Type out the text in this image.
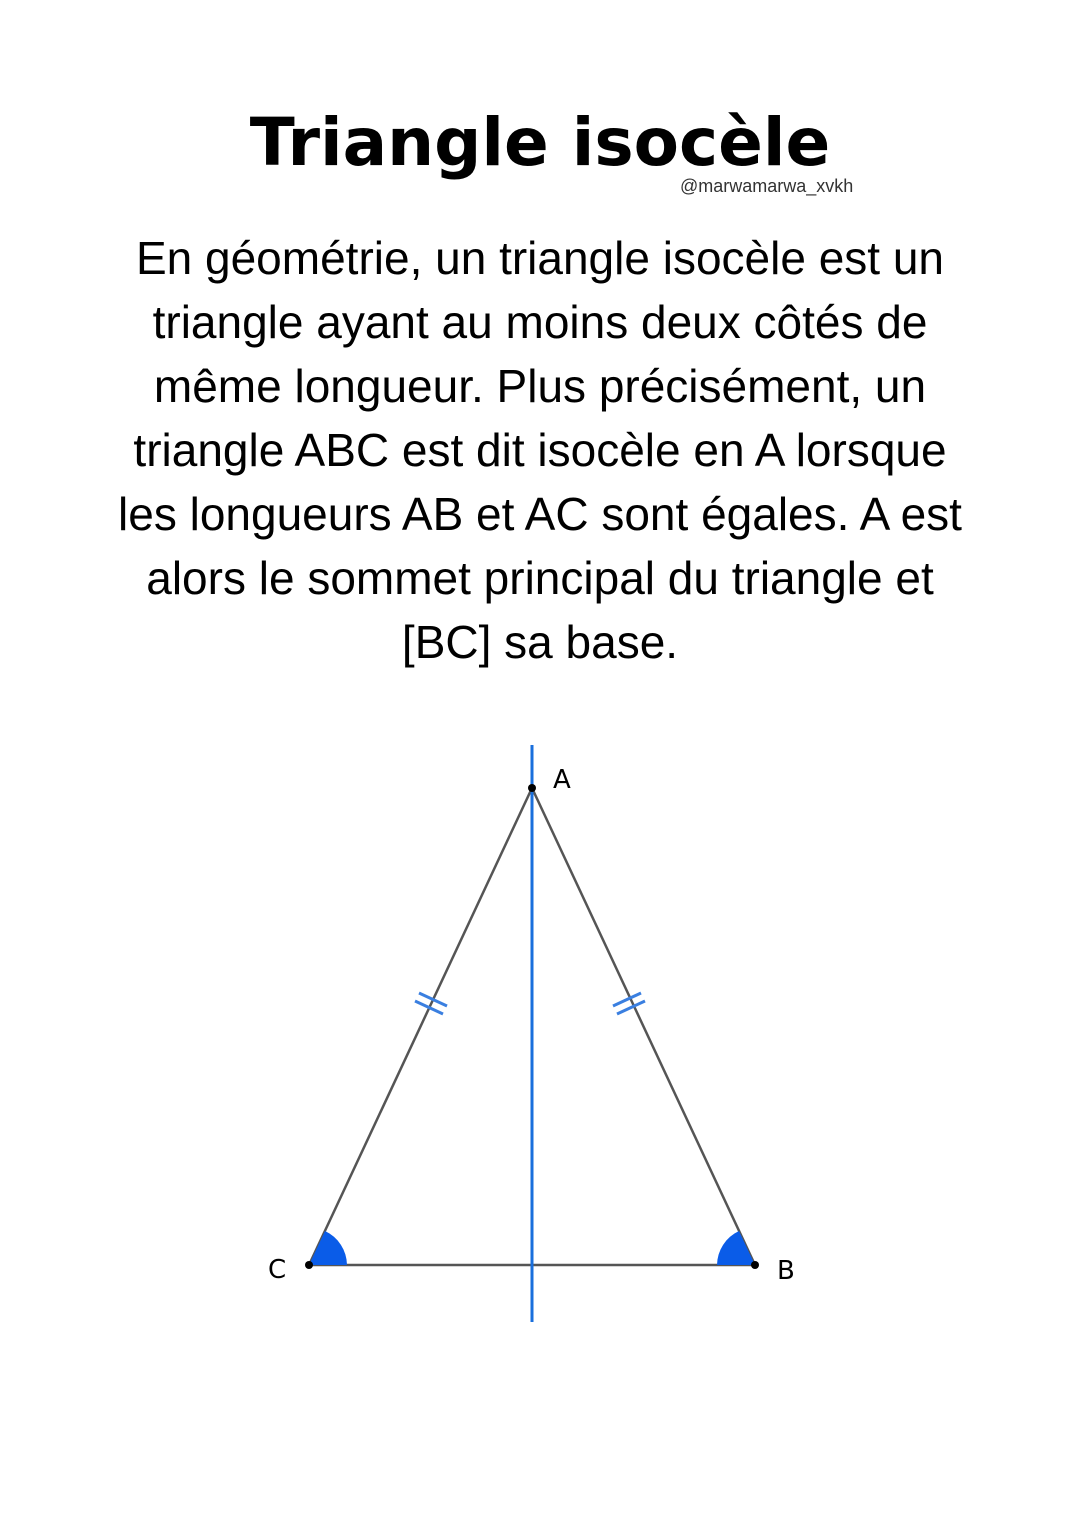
Triangle isocèle
@marwamarwa_xvkh

En géométrie, un triangle isocèle est un triangle ayant au moins deux côtés de même longueur. Plus précisément, un triangle ABC est dit isocèle en A lorsque les longueurs AB et AC sont égales. A est alors le sommet principal du triangle et [BC] sa base.

A
B
C
